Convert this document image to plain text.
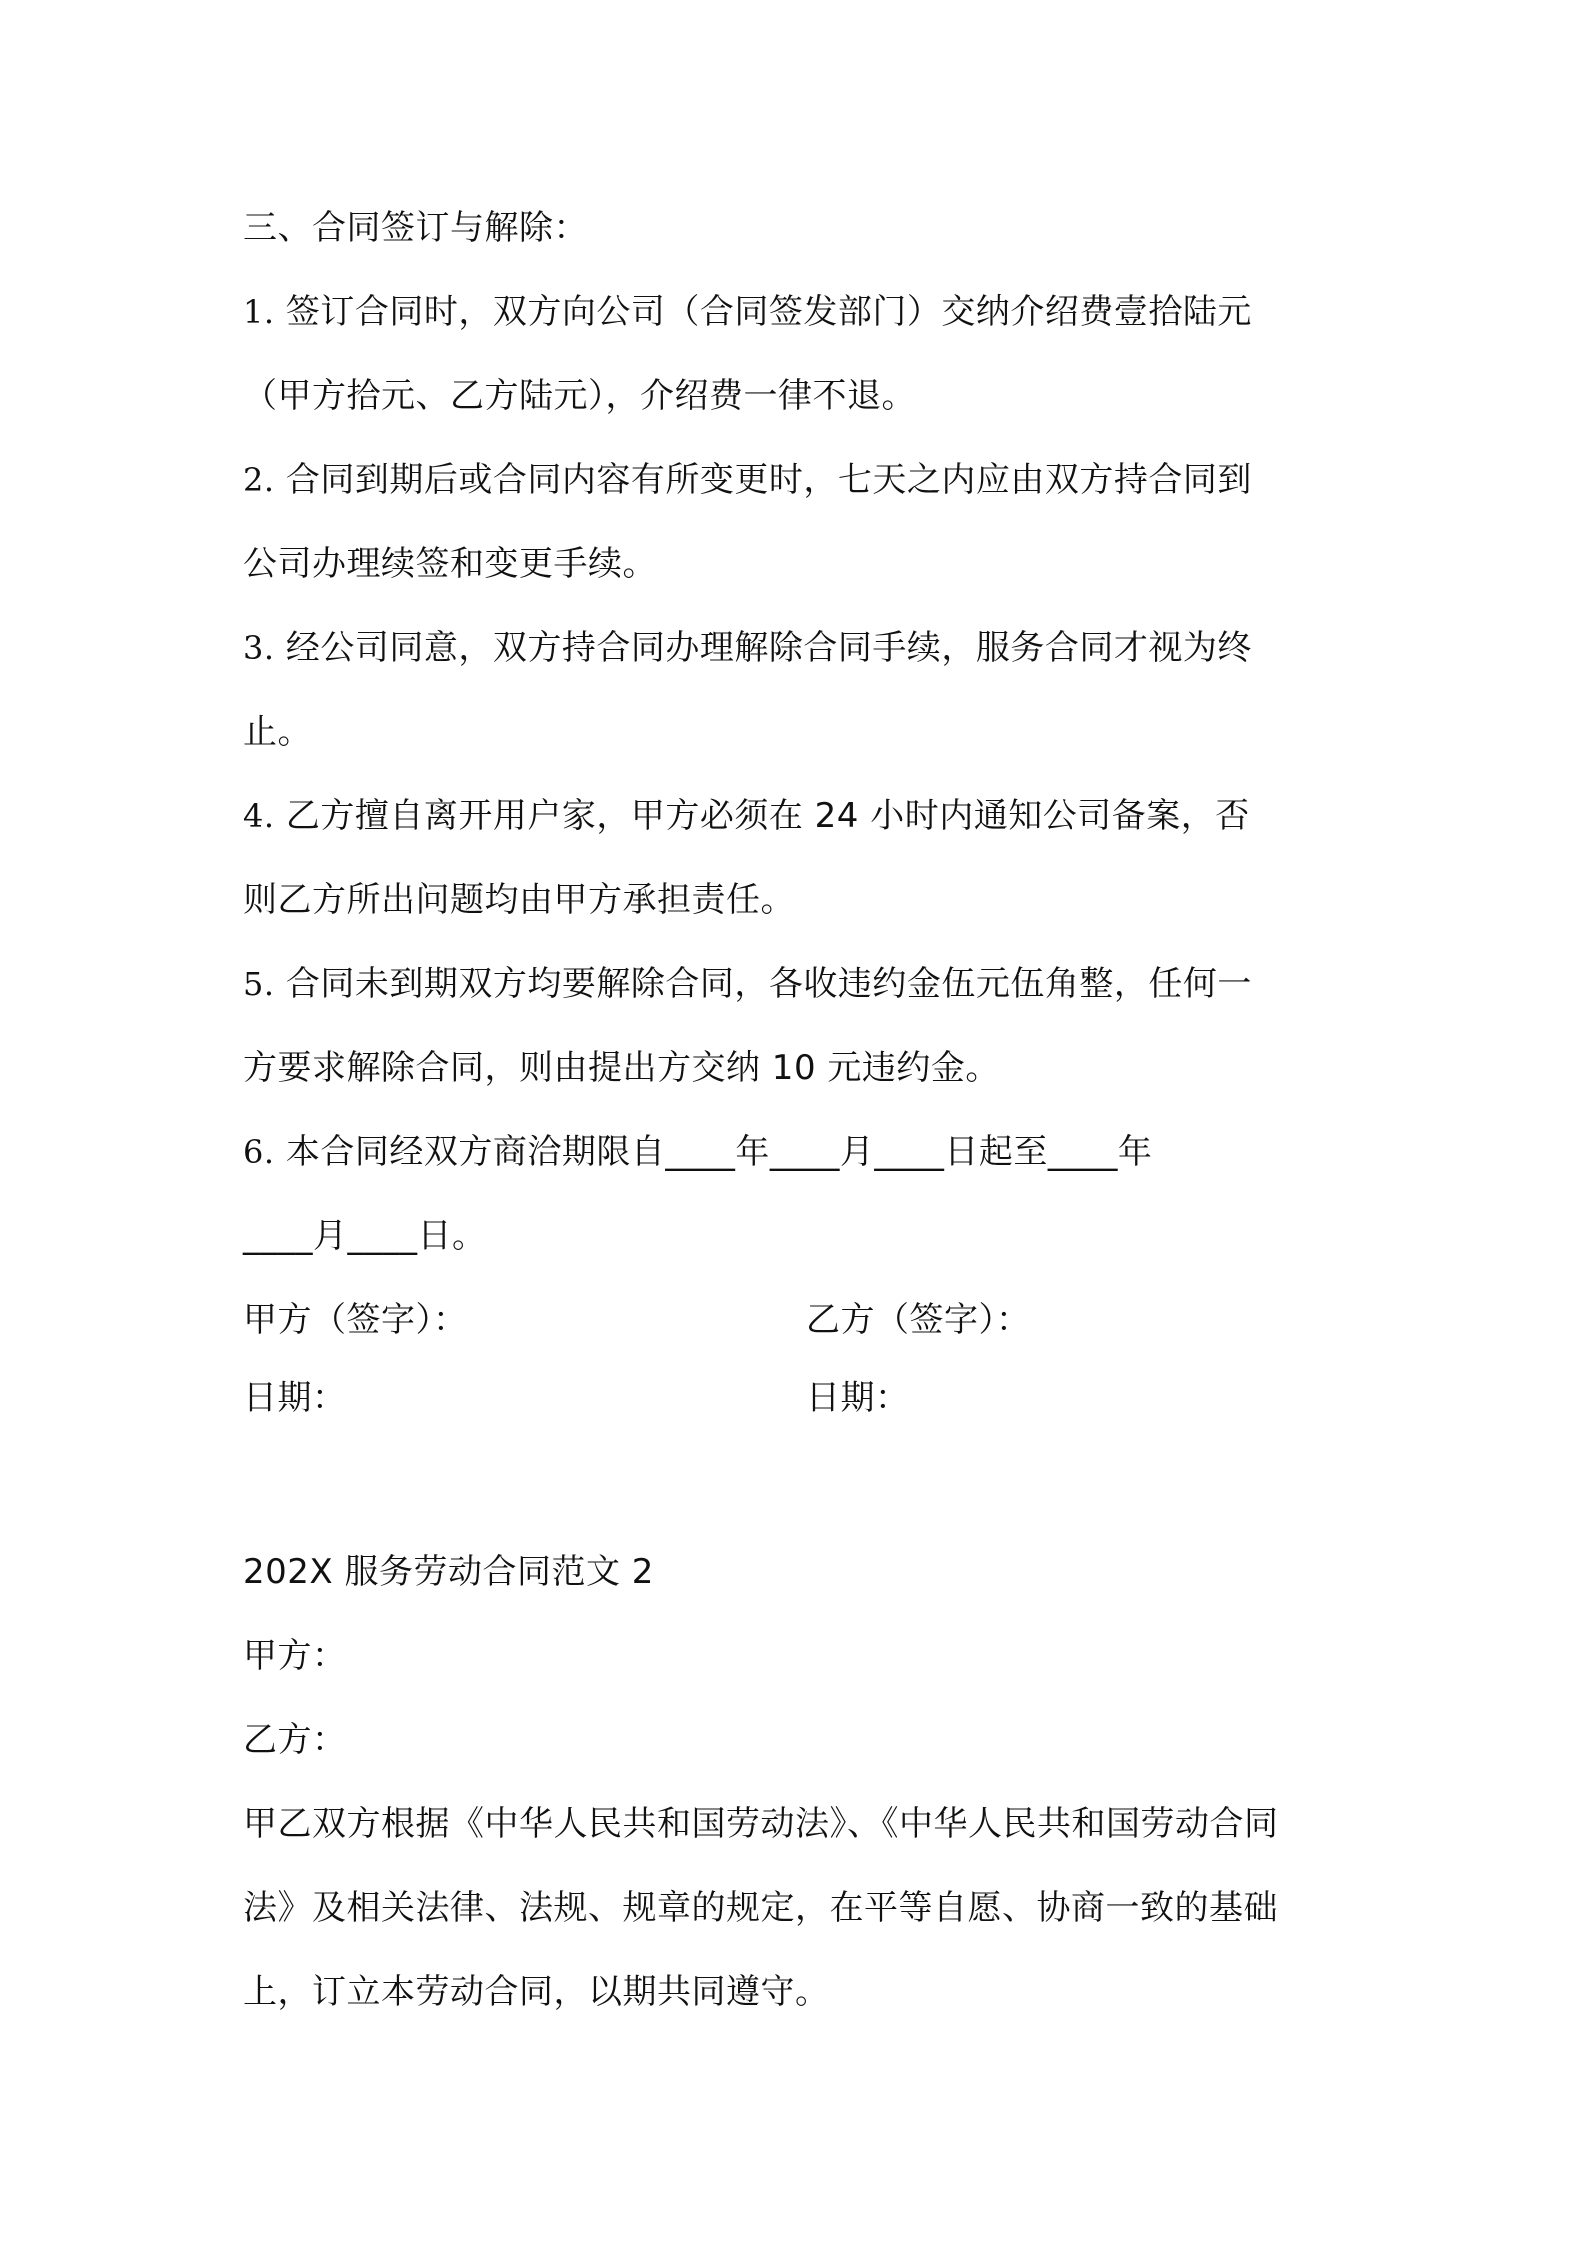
三、合同签订与解除：
1. 签订合同时，双方向公司（合同签发部门）交纳介绍费壹拾陆元
（甲方拾元、乙方陆元），介绍费一律不退。
2. 合同到期后或合同内容有所变更时，七天之内应由双方持合同到
公司办理续签和变更手续。
3. 经公司同意，双方持合同办理解除合同手续，服务合同才视为终
止。
4. 乙方擅自离开用户家，甲方必须在 24 小时内通知公司备案，否
则乙方所出问题均由甲方承担责任。
5. 合同未到期双方均要解除合同，各收违约金伍元伍角整，任何一
方要求解除合同，则由提出方交纳 10 元违约金。
6. 本合同经双方商洽期限自____年____月____日起至____年
____月____日。
甲方（签字）：	乙方（签字）：
日期：	日期：
202X 服务劳动合同范文 2
甲方：
乙方：
甲乙双方根据《中华人民共和国劳动法》、《中华人民共和国劳动合同
法》及相关法律、法规、规章的规定，在平等自愿、协商一致的基础
上，订立本劳动合同，以期共同遵守。
